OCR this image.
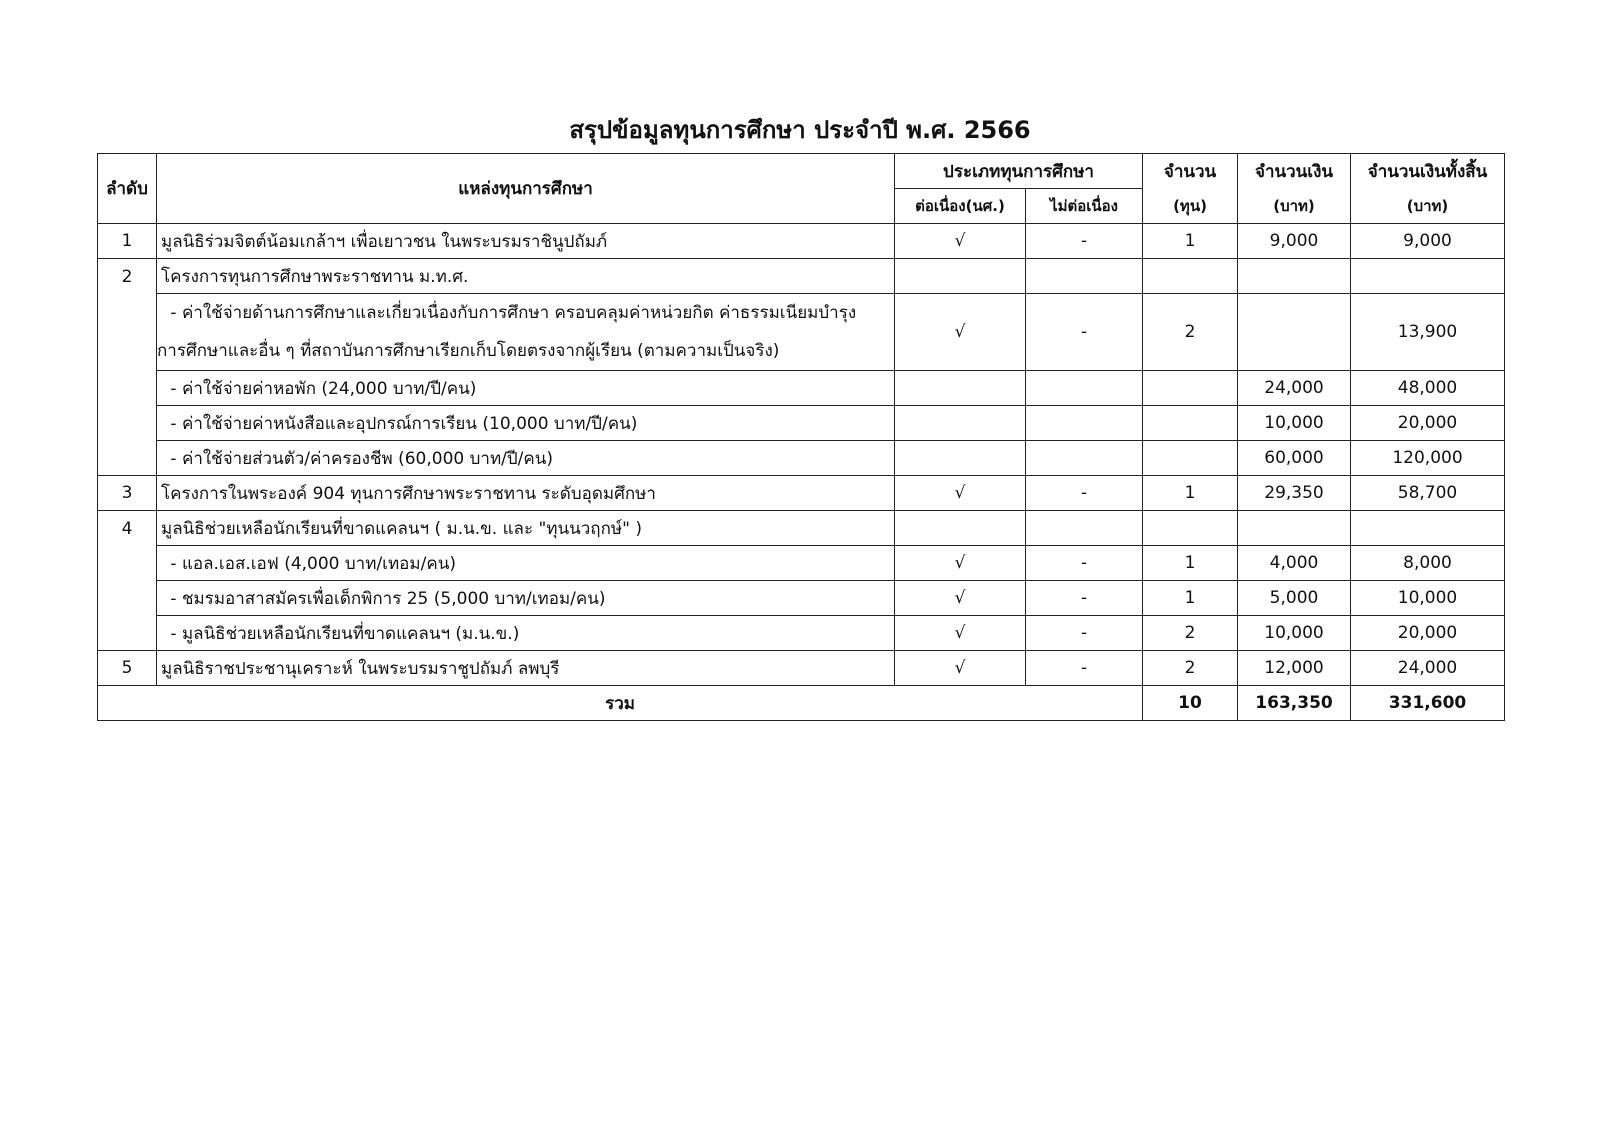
สรุปข้อมูลทุนการศึกษา ประจำปี พ.ศ. 2566
ลำดับ	แหล่งทุนการศึกษา	ประเภททุนการศึกษา		จำนวน	จำนวนเงิน	จำนวนเงินทั้งสิ้น
		ต่อเนื่อง(นศ.)	ไม่ต่อเนื่อง	(ทุน)	(บาท)	(บาท)
1	มูลนิธิร่วมจิตต์น้อมเกล้าฯ เพื่อเยาวชน ในพระบรมราชินูปถัมภ์	√	-	1	9,000	9,000
2	โครงการทุนการศึกษาพระราชทาน ม.ท.ศ.					

	- ค่าใช้จ่ายด้านการศึกษาและเกี่ยวเนื่องกับการศึกษา ครอบคลุมค่าหน่วยกิต ค่าธรรมเนียมบำรุง
การศึกษาและอื่น ๆ ที่สถาบันการศึกษาเรียกเก็บโดยตรงจากผู้เรียน (ตามความเป็นจริง)	√	-	2		13,900
	- ค่าใช้จ่ายค่าหอพัก (24,000 บาท/ปี/คน)				24,000	48,000
	- ค่าใช้จ่ายค่าหนังสือและอุปกรณ์การเรียน (10,000 บาท/ปี/คน)				10,000	20,000
	- ค่าใช้จ่ายส่วนตัว/ค่าครองชีพ (60,000 บาท/ปี/คน)				60,000	120,000
3	โครงการในพระองค์ 904 ทุนการศึกษาพระราชทาน ระดับอุดมศึกษา	√	-	1	29,350	58,700
4	มูลนิธิช่วยเหลือนักเรียนที่ขาดแคลนฯ ( ม.น.ข. และ "ทุนนวฤกษ์" )					
	- แอล.เอส.เอฟ (4,000 บาท/เทอม/คน)	√	-	1	4,000	8,000
	- ชมรมอาสาสมัครเพื่อเด็กพิการ 25 (5,000 บาท/เทอม/คน)	√	-	1	5,000	10,000
	- มูลนิธิช่วยเหลือนักเรียนที่ขาดแคลนฯ (ม.น.ข.)	√	-	2	10,000	20,000
5	มูลนิธิราชประชานุเคราะห์ ในพระบรมราชูปถัมภ์ ลพบุรี	√	-	2	12,000	24,000
รวม				10	163,350	331,600
